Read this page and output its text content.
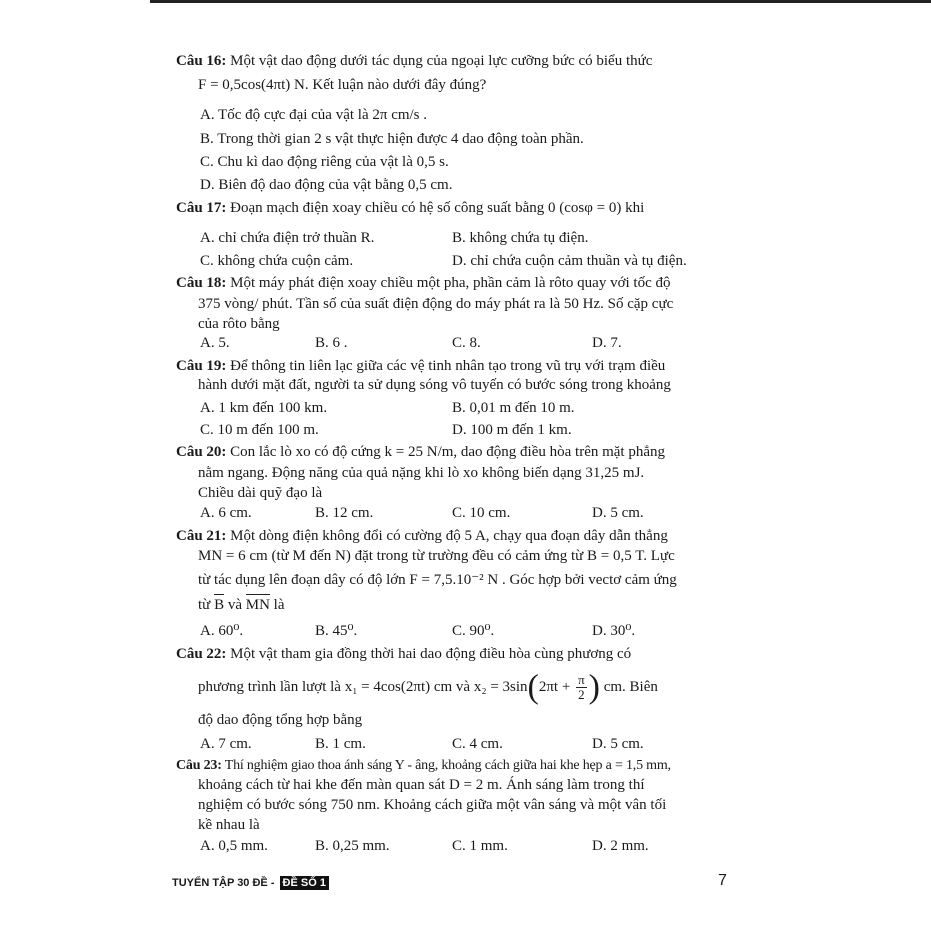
Câu 16: Một vật dao động dưới tác dụng của ngoại lực cưỡng bức có biểu thức
F = 0,5cos(4πt) N. Kết luận nào dưới đây đúng?
A. Tốc độ cực đại của vật là 2π cm/s .
B. Trong thời gian 2 s vật thực hiện được 4 dao động toàn phần.
C. Chu kì dao động riêng của vật là 0,5 s.
D. Biên độ dao động của vật bằng 0,5 cm.
Câu 17: Đoạn mạch điện xoay chiều có hệ số công suất bằng 0 (cosφ = 0) khi
A. chỉ chứa điện trở thuần R.	B. không chứa tụ điện.
C. không chứa cuộn cảm.	D. chỉ chứa cuộn cảm thuần và tụ điện.
Câu 18: Một máy phát điện xoay chiều một pha, phần cảm là rôto quay với tốc độ
375 vòng/ phút. Tần số của suất điện động do máy phát ra là 50 Hz. Số cặp cực
của rôto bằng
A. 5.	B. 6 .	C. 8.	D. 7.
Câu 19: Để thông tin liên lạc giữa các vệ tinh nhân tạo trong vũ trụ với trạm điều
hành dưới mặt đất, người ta sử dụng sóng vô tuyến có bước sóng trong khoảng
A. 1 km đến 100 km.	B. 0,01 m đến 10 m.
C. 10 m đến 100 m.	D. 100 m đến 1 km.
Câu 20: Con lắc lò xo có độ cứng k = 25 N/m, dao động điều hòa trên mặt phẳng
nằm ngang. Động năng của quả nặng khi lò xo không biến dạng 31,25 mJ.
Chiều dài quỹ đạo là
A. 6 cm.	B. 12 cm.	C. 10 cm.	D. 5 cm.
Câu 21: Một dòng điện không đổi có cường độ 5 A, chạy qua đoạn dây dẫn thẳng
MN = 6 cm (từ M đến N) đặt trong từ trường đều có cảm ứng từ B = 0,5 T. Lực
từ tác dụng lên đoạn dây có độ lớn F = 7,5.10⁻² N . Góc hợp bởi vectơ cảm ứng
từ B và MN là
A. 60⁰.	B. 45⁰.	C. 90⁰.	D. 30⁰.
Câu 22: Một vật tham gia đồng thời hai dao động điều hòa cùng phương có
phương trình lần lượt là x₁ = 4cos(2πt) cm và $x_2 = 3\sin(2\pi t + \frac{\pi}{2}$ ) cm. Biên
độ dao động tổng hợp bằng
A. 7 cm.	B. 1 cm.	C. 4 cm.	D. 5 cm.
Câu 23: Thí nghiệm giao thoa ánh sáng Y - âng, khoảng cách giữa hai khe hẹp a = 1,5 mm,
khoảng cách từ hai khe đến màn quan sát D = 2 m. Ánh sáng làm trong thí
nghiệm có bước sóng 750 nm. Khoảng cách giữa một vân sáng và một vân tối
kề nhau là
A. 0,5 mm.	B. 0,25 mm.	C. 1 mm.	D. 2 mm.
TUYỂN TẬP 30 ĐỀ - ĐỀ SỐ 1	7
